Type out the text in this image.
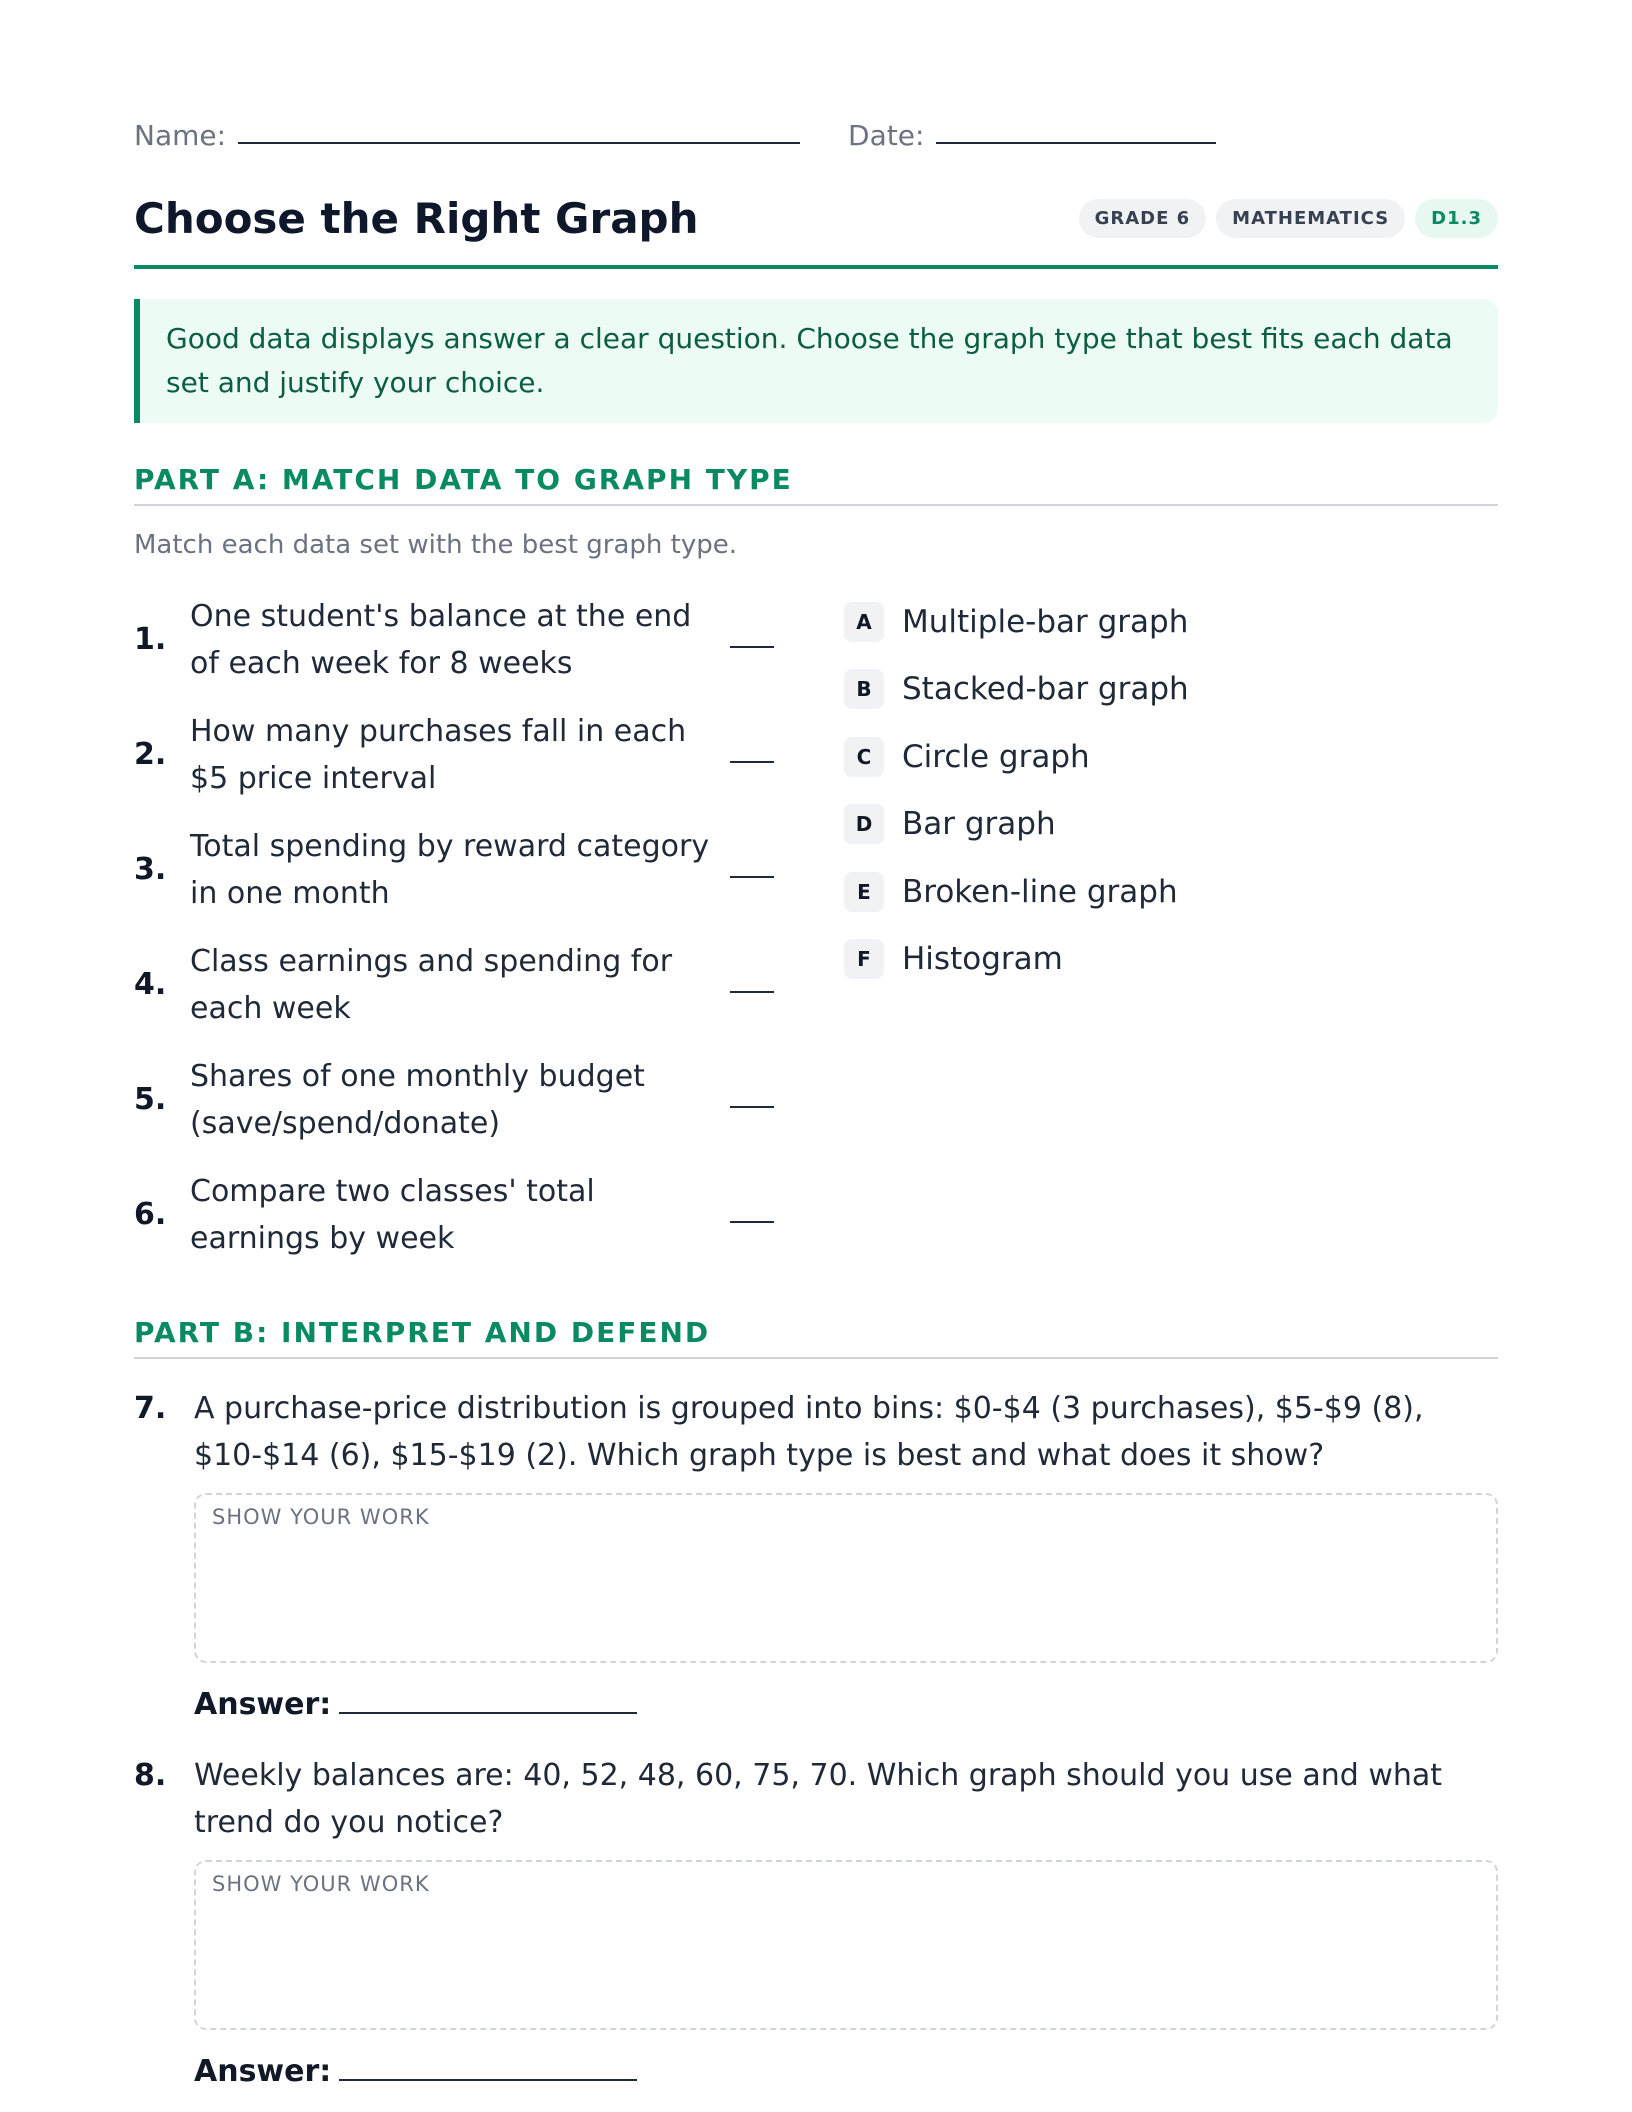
Name:	Date:
Choose the Right Graph	GRADE 6	MATHEMATICS	D1.3
Good data displays answer a clear question. Choose the graph type that best fits each data set and justify your choice.
PART A: MATCH DATA TO GRAPH TYPE
Match each data set with the best graph type.
1.
One student's balance at the end of each week for 8 weeks
2.
How many purchases fall in each $5 price interval
3.
Total spending by reward category in one month
4.
Class earnings and spending for each week
5.
Shares of one monthly budget (save/spend/donate)
6.
Compare two classes' total earnings by week
A Multiple-bar graph
B Stacked-bar graph
C Circle graph
D Bar graph
E	Broken-line graph
F	Histogram
PART B: INTERPRET AND DEFEND
7. A purchase-price distribution is grouped into bins: $0-$4 (3 purchases), $5-$9 (8), $10-$14 (6), $15-$19 (2). Which graph type is best and what does it show?
SHOW YOUR WORK
Answer:
8. Weekly balances are: 40, 52, 48, 60, 75, 70. Which graph should you use and what trend do you notice?
SHOW YOUR WORK
Answer:
